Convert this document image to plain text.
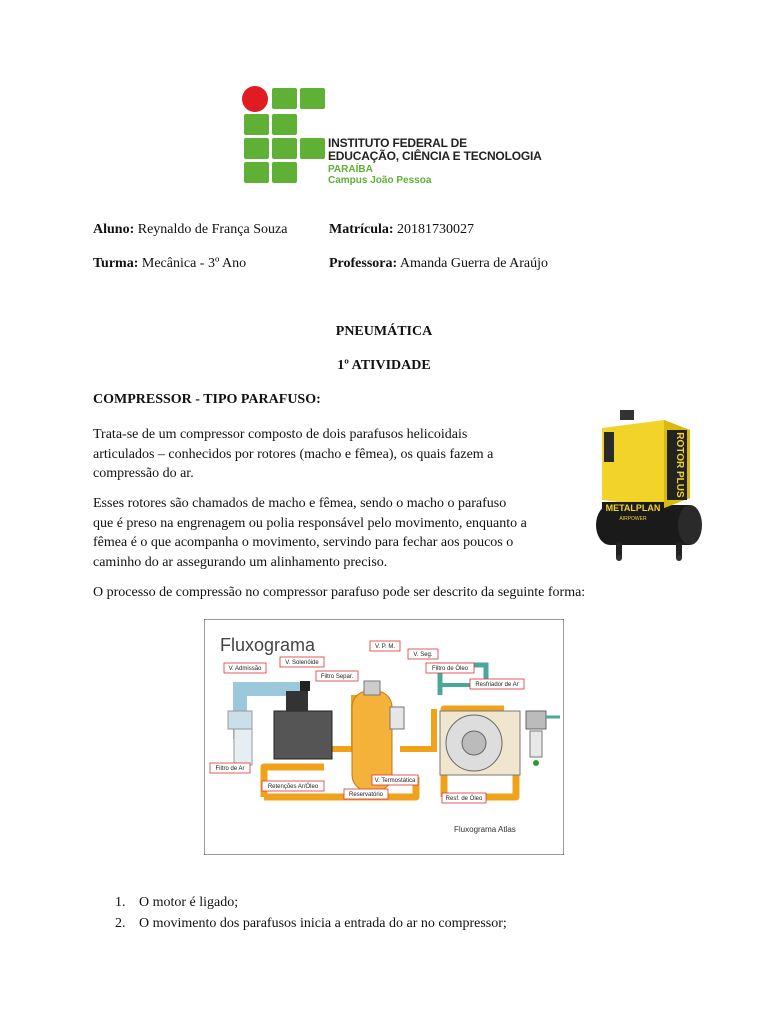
INSTITUTO FEDERAL DE
EDUCAÇÃO, CIÊNCIA E TECNOLOGIA
PARAÍBA
Campus João Pessoa
Aluno: Reynaldo de França Souza	Matrícula: 20181730027
Turma: Mecânica - 3º Ano	Professora: Amanda Guerra de Araújo
PNEUMÁTICA
1º ATIVIDADE
COMPRESSOR - TIPO PARAFUSO:
Trata-se de um compressor composto de dois parafusos helicoidais
articulados – conhecidos por rotores (macho e fêmea), os quais fazem a
compressão do ar.
Esses rotores são chamados de macho e fêmea, sendo o macho o parafuso
que é preso na engrenagem ou polia responsável pelo movimento, enquanto a
fêmea é o que acompanha o movimento, servindo para fechar aos poucos o
caminho do ar assegurando um alinhamento preciso.
O processo de compressão no compressor parafuso pode ser descrito da seguinte forma:
ROTOR PLUS
METALPLAN
AIRPOWER
Fluxograma
V. Admissão
V. Solenóide
Filtro Separ.
V. P. M.
V. Seg.
Filtro de Óleo
Resfriador de Ar
Filtro de Ar
Retenções Ar/Óleo
V. Termostática
Reservatório
Resf. de Óleo
Fluxograma Atlas
1. O motor é ligado;
2. O movimento dos parafusos inicia a entrada do ar no compressor;
